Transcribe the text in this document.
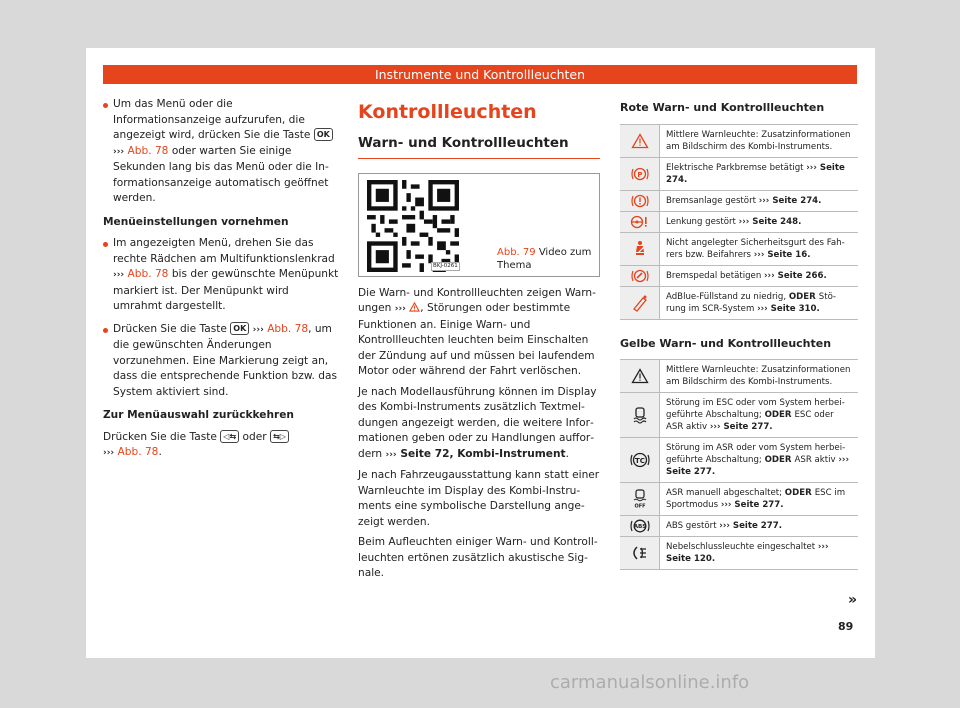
Instrumente und Kontrollleuchten
Um das Menü oder die Informationsanzeige aufzurufen, die angezeigt wird, drücken Sie die Taste OK ››› Abb. 78 oder warten Sie einige Sekunden lang bis das Menü oder die Informationsanzeige automatisch geöffnet werden.
Menüeinstellungen vornehmen
Im angezeigten Menü, drehen Sie das rechte Rädchen am Multifunktionslenkrad ››› Abb. 78 bis der gewünschte Menüpunkt markiert ist. Der Menüpunkt wird umrahmt dargestellt.
Drücken Sie die Taste OK ››› Abb. 78, um die gewünschten Änderungen vorzunehmen. Eine Markierung zeigt an, dass die entsprechende Funktion bzw. das System aktiviert sind.
Zur Menüauswahl zurückkehren
Drücken Sie die Taste ◁⇆ oder ⇆▷
››› Abb. 78.
Kontrollleuchten
Warn- und Kontrollleuchten
BKJ-0261
Abb. 79 Video zum Thema

Die Warn- und Kontrollleuchten zeigen Warnungen ››› , Störungen oder bestimmte Funktionen an. Einige Warn- und Kontrollleuchten leuchten beim Einschalten der Zündung auf und müssen bei laufendem Motor oder während der Fahrt verlöschen.

Je nach Modellausführung können im Display des Kombi-Instruments zusätzlich Textmeldungen angezeigt werden, die weitere Informationen geben oder zu Handlungen auffordern ››› Seite 72, Kombi-Instrument.

Je nach Fahrzeugausstattung kann statt einer Warnleuchte im Display des Kombi-Instruments eine symbolische Darstellung angezeigt werden.

Beim Aufleuchten einiger Warn- und Kontrollleuchten ertönen zusätzlich akustische Signale.

Rote Warn- und Kontrollleuchten
Mittlere Warnleuchte: Zusatzinformationen am Bildschirm des Kombi-Instruments.
P
Elektrische Parkbremse betätigt ››› Seite 274.
Bremsanlage gestört ››› Seite 274.
Lenkung gestört ››› Seite 248.
Nicht angelegter Sicherheitsgurt des Fahrers bzw. Beifahrers ››› Seite 16.
Bremspedal betätigen ››› Seite 266.
AdBlue-Füllstand zu niedrig, ODER Störung im SCR-System ››› Seite 310.
Gelbe Warn- und Kontrollleuchten
Mittlere Warnleuchte: Zusatzinformationen am Bildschirm des Kombi-Instruments.
Störung im ESC oder vom System herbeigeführte Abschaltung; ODER ESC oder ASR aktiv ››› Seite 277.
TC
Störung im ASR oder vom System herbeigeführte Abschaltung; ODER ASR aktiv ››› Seite 277.
OFF
ASR manuell abgeschaltet; ODER ESC im Sportmodus ››› Seite 277.
ABS	ABS gestört ››› Seite 277.
Nebelschlussleuchte eingeschaltet ››› Seite 120.
»
89
carmanualsonline.info
